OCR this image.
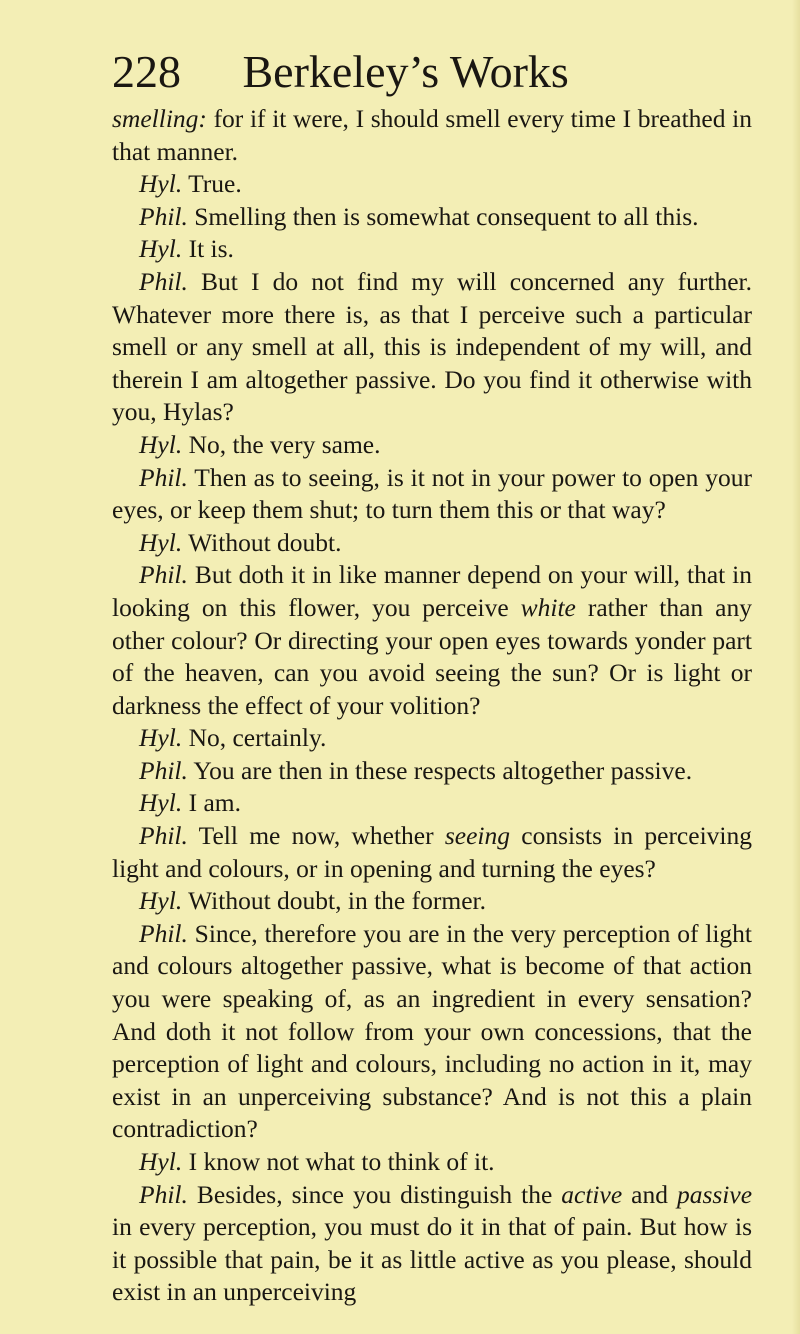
228 Berkeley’s Works

smelling: for if it were, I should smell every time I breathed in that manner.

Hyl. True.

Phil. Smelling then is somewhat consequent to all this.

Hyl. It is.

Phil. But I do not find my will concerned any further. Whatever more there is, as that I perceive such a particular smell or any smell at all, this is independent of my will, and therein I am altogether passive. Do you find it otherwise with you, Hylas?

Hyl. No, the very same.

Phil. Then as to seeing, is it not in your power to open your eyes, or keep them shut; to turn them this or that way?

Hyl. Without doubt.

Phil. But doth it in like manner depend on your will, that in looking on this flower, you perceive white rather than any other colour? Or directing your open eyes towards yonder part of the heaven, can you avoid seeing the sun? Or is light or darkness the effect of your volition?

Hyl. No, certainly.

Phil. You are then in these respects altogether passive.

Hyl. I am.

Phil. Tell me now, whether seeing consists in perceiving light and colours, or in opening and turning the eyes?

Hyl. Without doubt, in the former.

Phil. Since, therefore you are in the very perception of light and colours altogether passive, what is become of that action you were speaking of, as an ingredient in every sensation? And doth it not follow from your own concessions, that the perception of light and colours, including no action in it, may exist in an unperceiving substance? And is not this a plain contradiction?

Hyl. I know not what to think of it.

Phil. Besides, since you distinguish the active and passive in every perception, you must do it in that of pain. But how is it possible that pain, be it as little active as you please, should exist in an unperceiving
